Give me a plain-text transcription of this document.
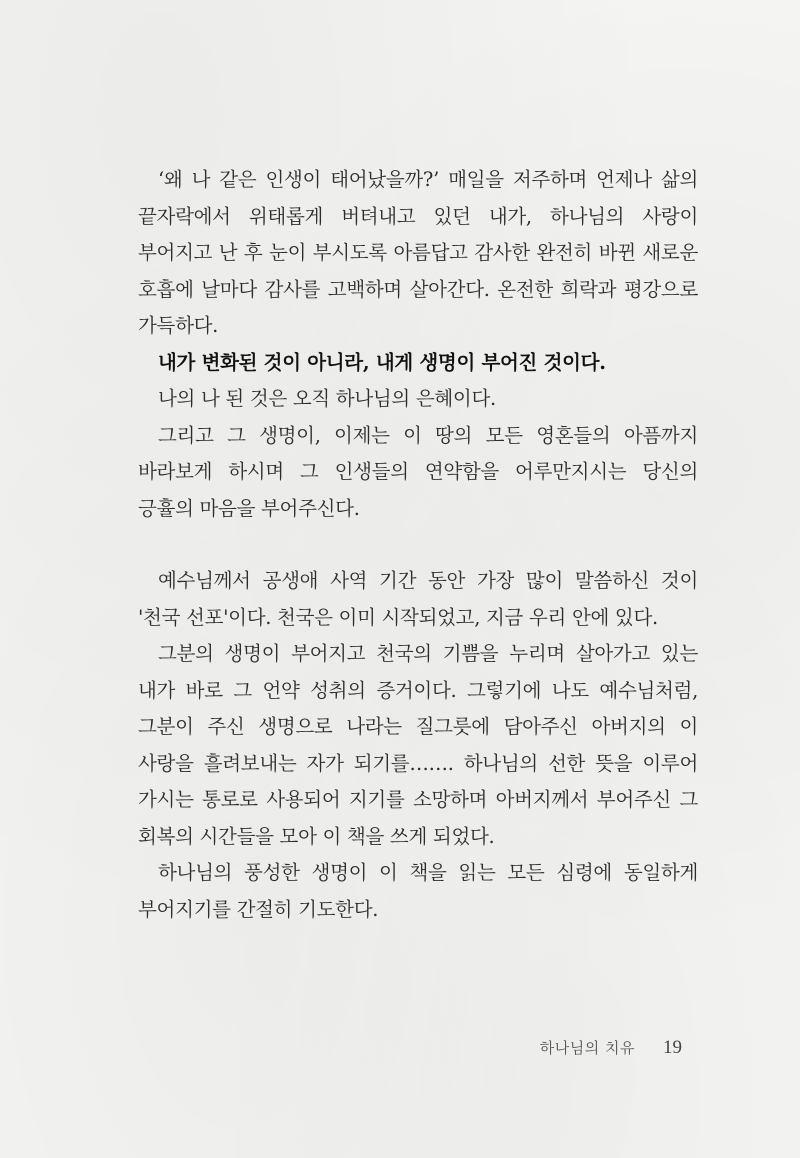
‘왜 나 같은 인생이 태어났을까?’ 매일을 저주하며 언제나 삶의 끝자락에서 위태롭게 버텨내고 있던 내가, 하나님의 사랑이 부어지고 난 후 눈이 부시도록 아름답고 감사한 완전히 바뀐 새로운 호흡에 날마다 감사를 고백하며 살아간다. 온전한 희락과 평강으로 가득하다.

내가 변화된 것이 아니라, 내게 생명이 부어진 것이다.

나의 나 된 것은 오직 하나님의 은혜이다.

그리고 그 생명이, 이제는 이 땅의 모든 영혼들의 아픔까지 바라보게 하시며 그 인생들의 연약함을 어루만지시는 당신의 긍휼의 마음을 부어주신다.

예수님께서 공생애 사역 기간 동안 가장 많이 말씀하신 것이 '천국 선포'이다. 천국은 이미 시작되었고, 지금 우리 안에 있다.

그분의 생명이 부어지고 천국의 기쁨을 누리며 살아가고 있는 내가 바로 그 언약 성취의 증거이다. 그렇기에 나도 예수님처럼, 그분이 주신 생명으로 나라는 질그릇에 담아주신 아버지의 이 사랑을 흘려보내는 자가 되기를……. 하나님의 선한 뜻을 이루어 가시는 통로로 사용되어 지기를 소망하며 아버지께서 부어주신 그 회복의 시간들을 모아 이 책을 쓰게 되었다.

하나님의 풍성한 생명이 이 책을 읽는 모든 심령에 동일하게 부어지기를 간절히 기도한다.

하나님의 치유 19
